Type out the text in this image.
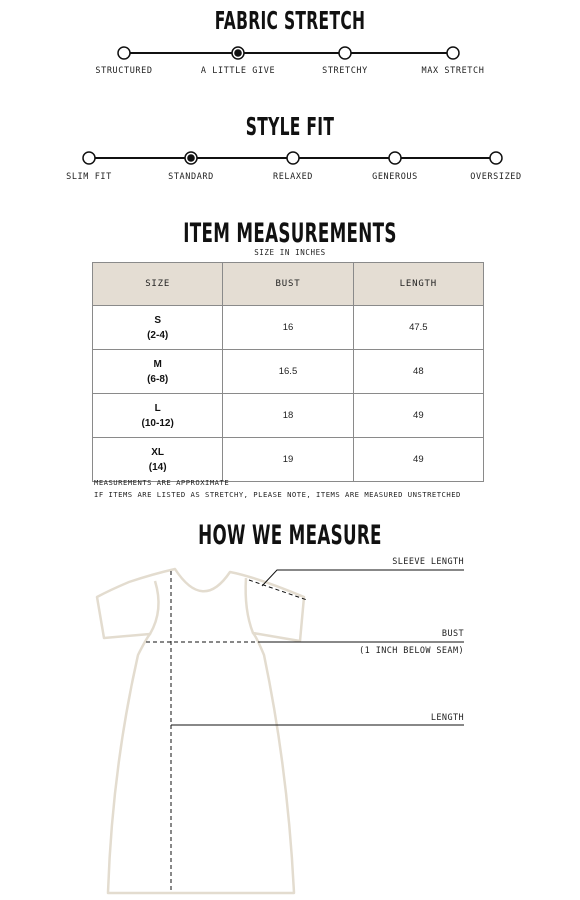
FABRIC STRETCH
STYLE FIT
ITEM MEASUREMENTS
HOW WE MEASURE
STRUCTURED	A LITTLE GIVE	STRETCHY	MAX STRETCH
SLIM FIT	STANDARD	RELAXED	GENEROUS	OVERSIZED
SIZE IN INCHES
SIZE	BUST	LENGTH

S
(2-4)	16	47.5

M
(6-8)	16.5	48

L
(10-12)	18	49

XL
(14)	19	49
MEASUREMENTS ARE APPROXIMATE
IF ITEMS ARE LISTED AS STRETCHY, PLEASE NOTE, ITEMS ARE MEASURED UNSTRETCHED
SLEEVE LENGTH
BUST
(1 INCH BELOW SEAM)
LENGTH
